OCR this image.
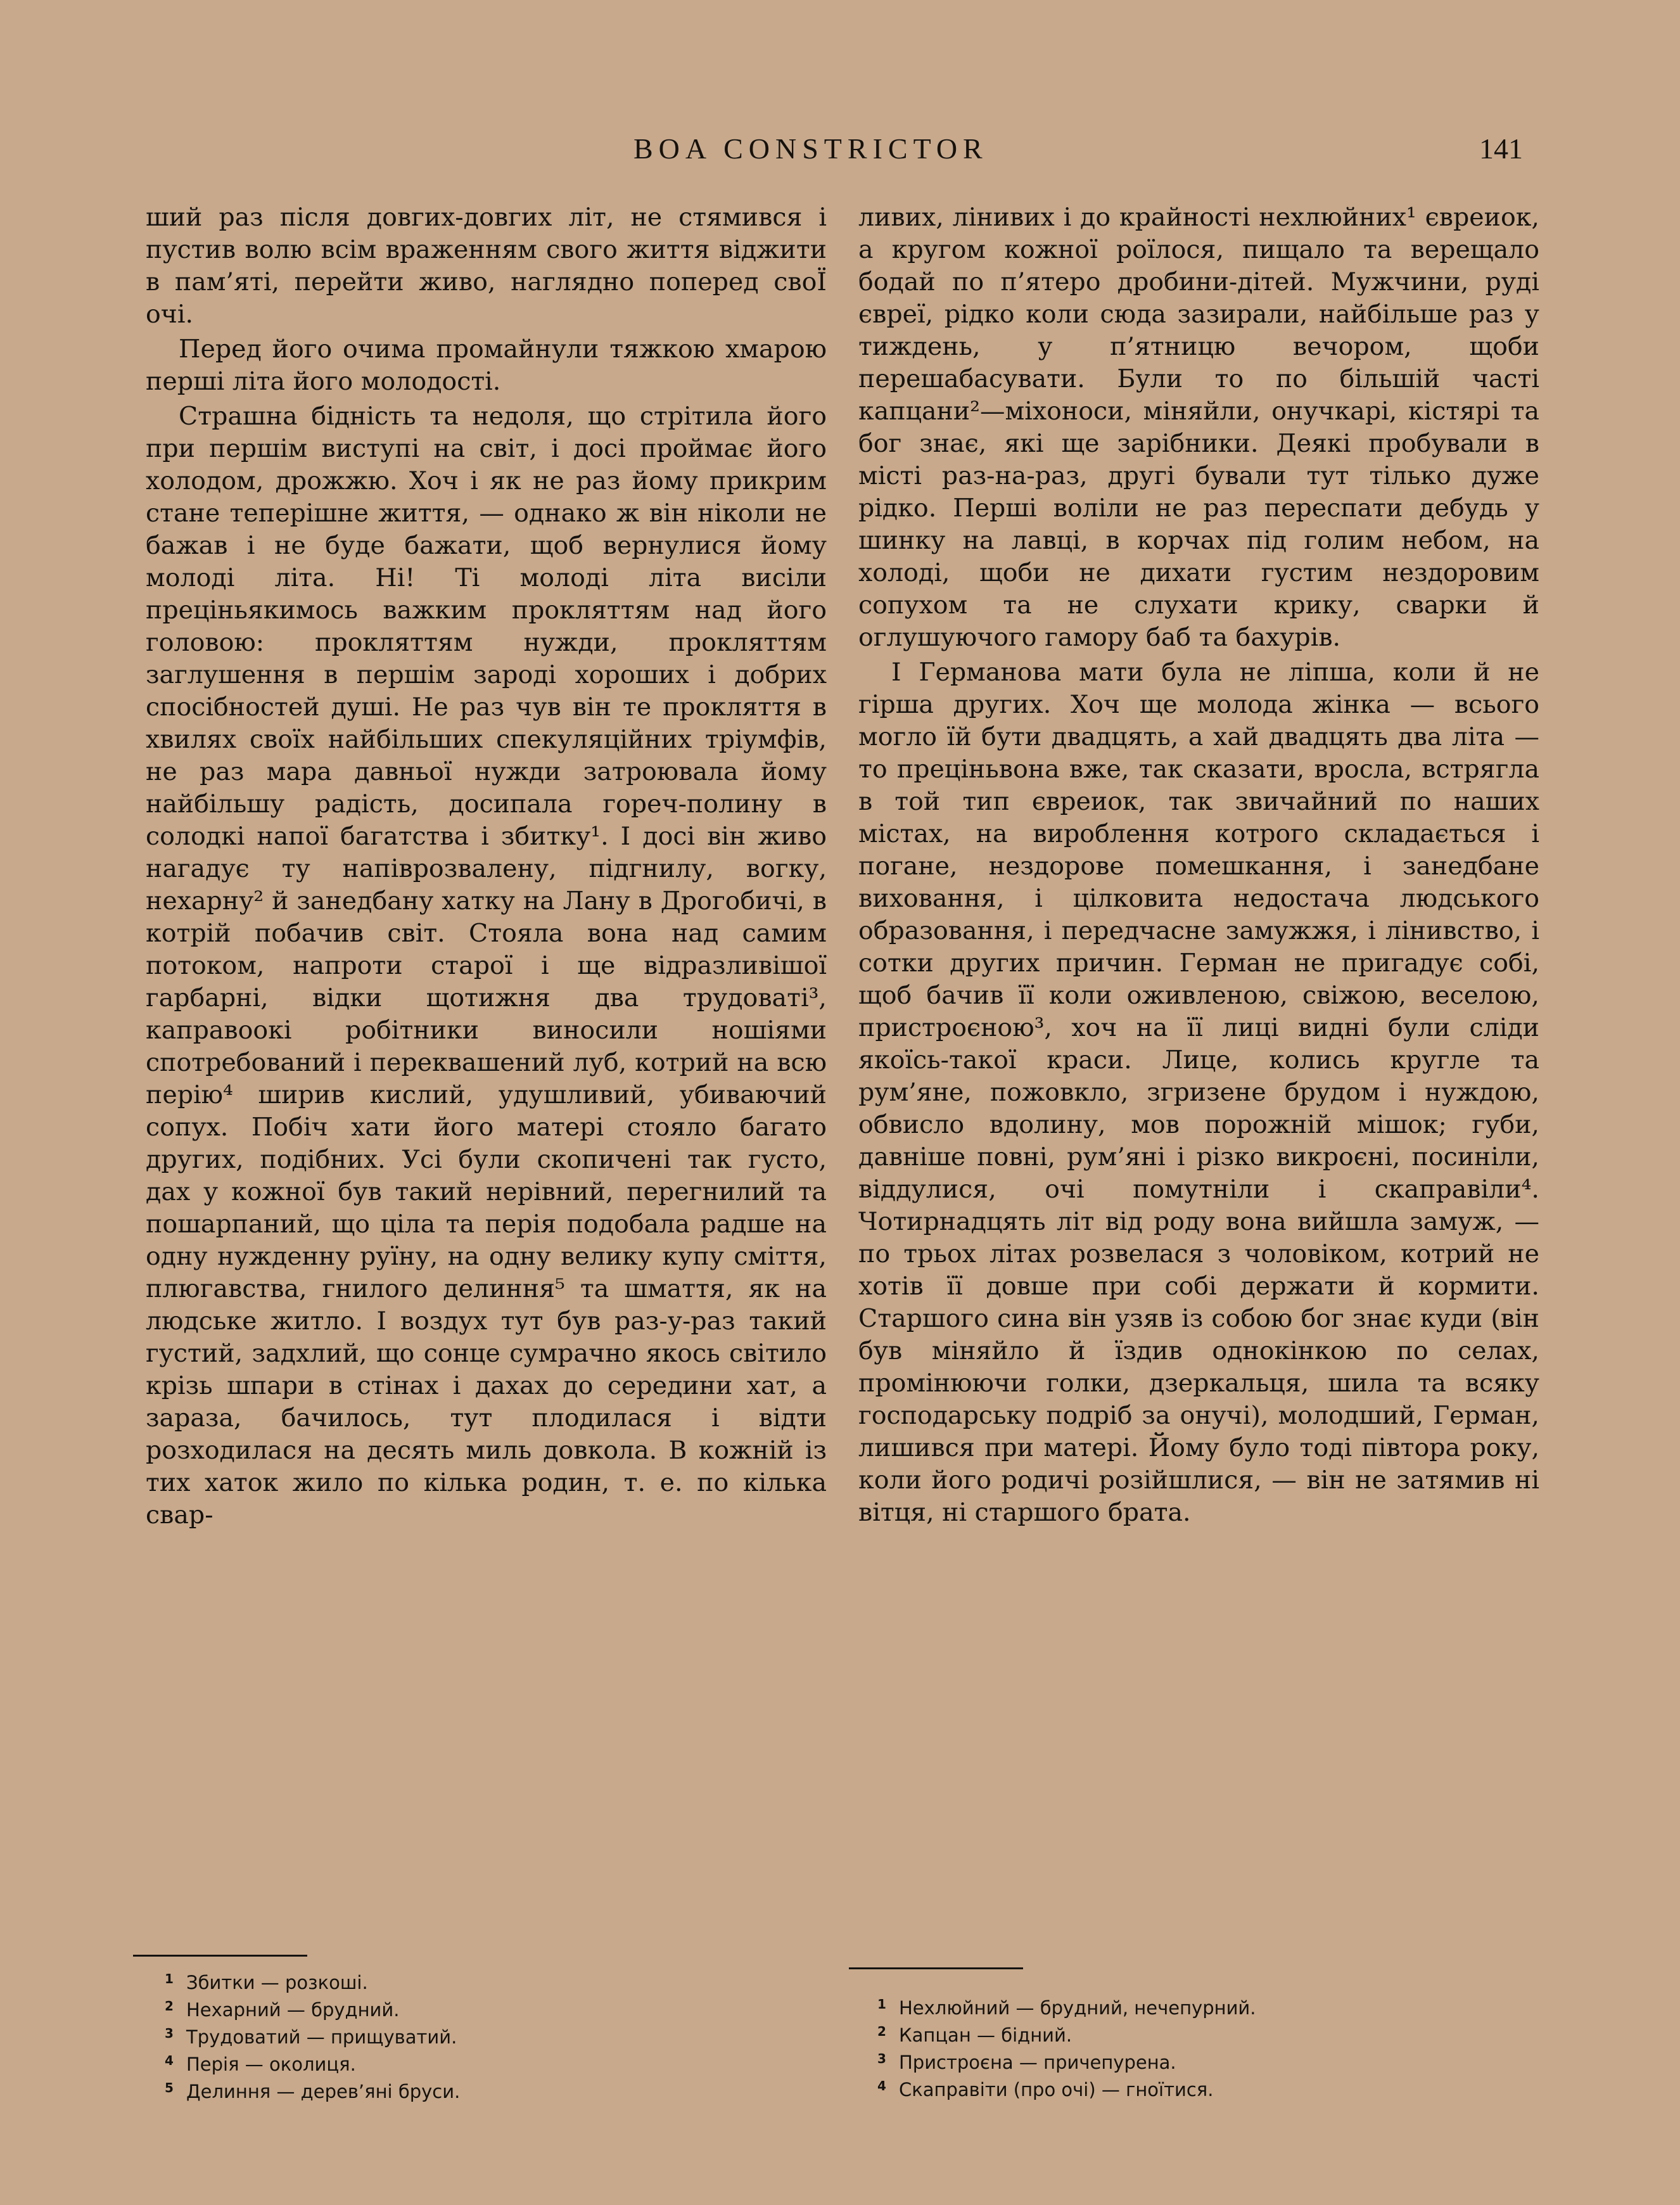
BOA CONSTRICTOR	141

ший раз після довгих-довгих літ, не стямився і пустив волю всім враженням свого життя віджити в пам’яті, перейти живо, наглядно поперед своЇ очі.

Перед його очима промайнули тяжкою хмарою перші літа його молодості.

Страшна бідність та недоля, що стрітила його при першім виступі на світ, і досі проймає його холодом, дрожжю. Хоч і як не раз йому прикрим стане теперішне життя, — однако ж він ніколи не бажав і не буде бажати, щоб вернулися йому молоді літа. Ні! Ті молоді літа висіли преціньякимось важким прокляттям над його головою: прокляттям нужди, прокляттям заглушення в першім зароді хороших і добрих спосібностей душі. Не раз чув він те прокляття в хвилях своїх найбільших спекуляційних тріумфів, не раз мара давньої нужди затроювала йому найбільшу радість, доcипала гореч-полину в солодкі напої багатства і збитку¹. І досі він живо нагадує ту напіврозвалену, підгнилу, вогку, нехарну² й занедбану хатку на Лану в Дрогобичі, в котрій побачив світ. Стояла вона над самим потоком, напроти старої і ще відразливішої гарбарні, відки щотижня два трудоваті³, каправоокі робітники виносили ношіями спотребований і переквашений луб, котрий на всю перію⁴ ширив кислий, удушливий, убиваючий сопух. Побіч хати його матері стояло багато других, подібних. Усі були скопичені так густо, дах у кожної був такий нерівний, перегнилий та пошарпаний, що ціла та перія подобала радше на одну нужденну руїну, на одну велику купу сміття, плюгавства, гнилого делиння⁵ та шмаття, як на людське житло. І воздух тут був раз-у-раз такий густий, задхлий, що сонце сумрачно якось світило крізь шпари в стінах і дахах до середини хат, а зараза, бачилось, тут плодилася і відти розходилася на десять миль довкола. В кожній із тих хаток жило по кілька родин, т. е. по кілька свар-

ливих, лінивих і до крайності нехлюйних¹ євреиок, а кругом кожної роїлося, пищало та верещало бодай по п’ятеро дробини-дітей. Мужчини, руді євреї, рідко коли сюда зазирали, найбільше раз у тиждень, у п’ятницю вечором, щоби перешабасувати. Були то по більшій часті капцани²—міхоноси, міняйли, онучкарі, кістярі та бог знає, які ще зарібники. Деякі пробували в місті раз-на-раз, другі бували тут тілько дуже рідко. Перші воліли не раз переспати дебудь у шинку на лавці, в корчах під голим небом, на холоді, щоби не дихати густим нездоровим сопухом та не слухати крику, сварки й оглушуючого гамору баб та бахурів.

І Германова мати була не ліпша, коли й не гірша других. Хоч ще молода жінка — всього могло їй бути двадцять, а хай двадцять два літа — то преціньвона вже, так сказати, вросла, встрягла в той тип євреиок, так звичайний по наших містах, на вироблення котрого складається і погане, нездорове помешкання, і занедбане виховання, і цілковита недостача людського образовання, і передчасне замужжя, і лінивство, і сотки других причин. Герман не пригадує собі, щоб бачив її коли оживленою, свіжою, веселою, пристроєною³, хоч на її лиці видні були сліди якоїсь-такої краси. Лице, колись кругле та рум’яне, пожовкло, згризене брудом і нуждою, обвисло вдолину, мов порожній мішок; губи, давніше повні, рум’яні і різко викроєні, посиніли, віддулися, очі помутніли і скаправіли⁴. Чотирнадцять літ від роду вона вийшла замуж, — по трьох літах розвелася з чоловіком, котрий не хотів її довше при собі держати й кормити. Старшого сина він узяв із собою бог знає куди (він був міняйло й їздив однокінкою по селах, промінюючи голки, дзеркальця, шила та всяку господарську подріб за онучі), молодший, Герман, лишився при матері. Йому було тоді півтора року, коли його родичі розійшлися, — він не затямив ні вітця, ні старшого брата.

1 Збитки — розкоші.
2 Нехарний — брудний.
3 Трудоватий — прищуватий.
4 Перія — околиця.
5 Делиння — дерев’яні бруси.
1 Нехлюйний — брудний, нечепурний.
2 Капцан — бідний.
3 Пристроєна — причепурена.
4 Скаправіти (про очі) — гноїтися.
